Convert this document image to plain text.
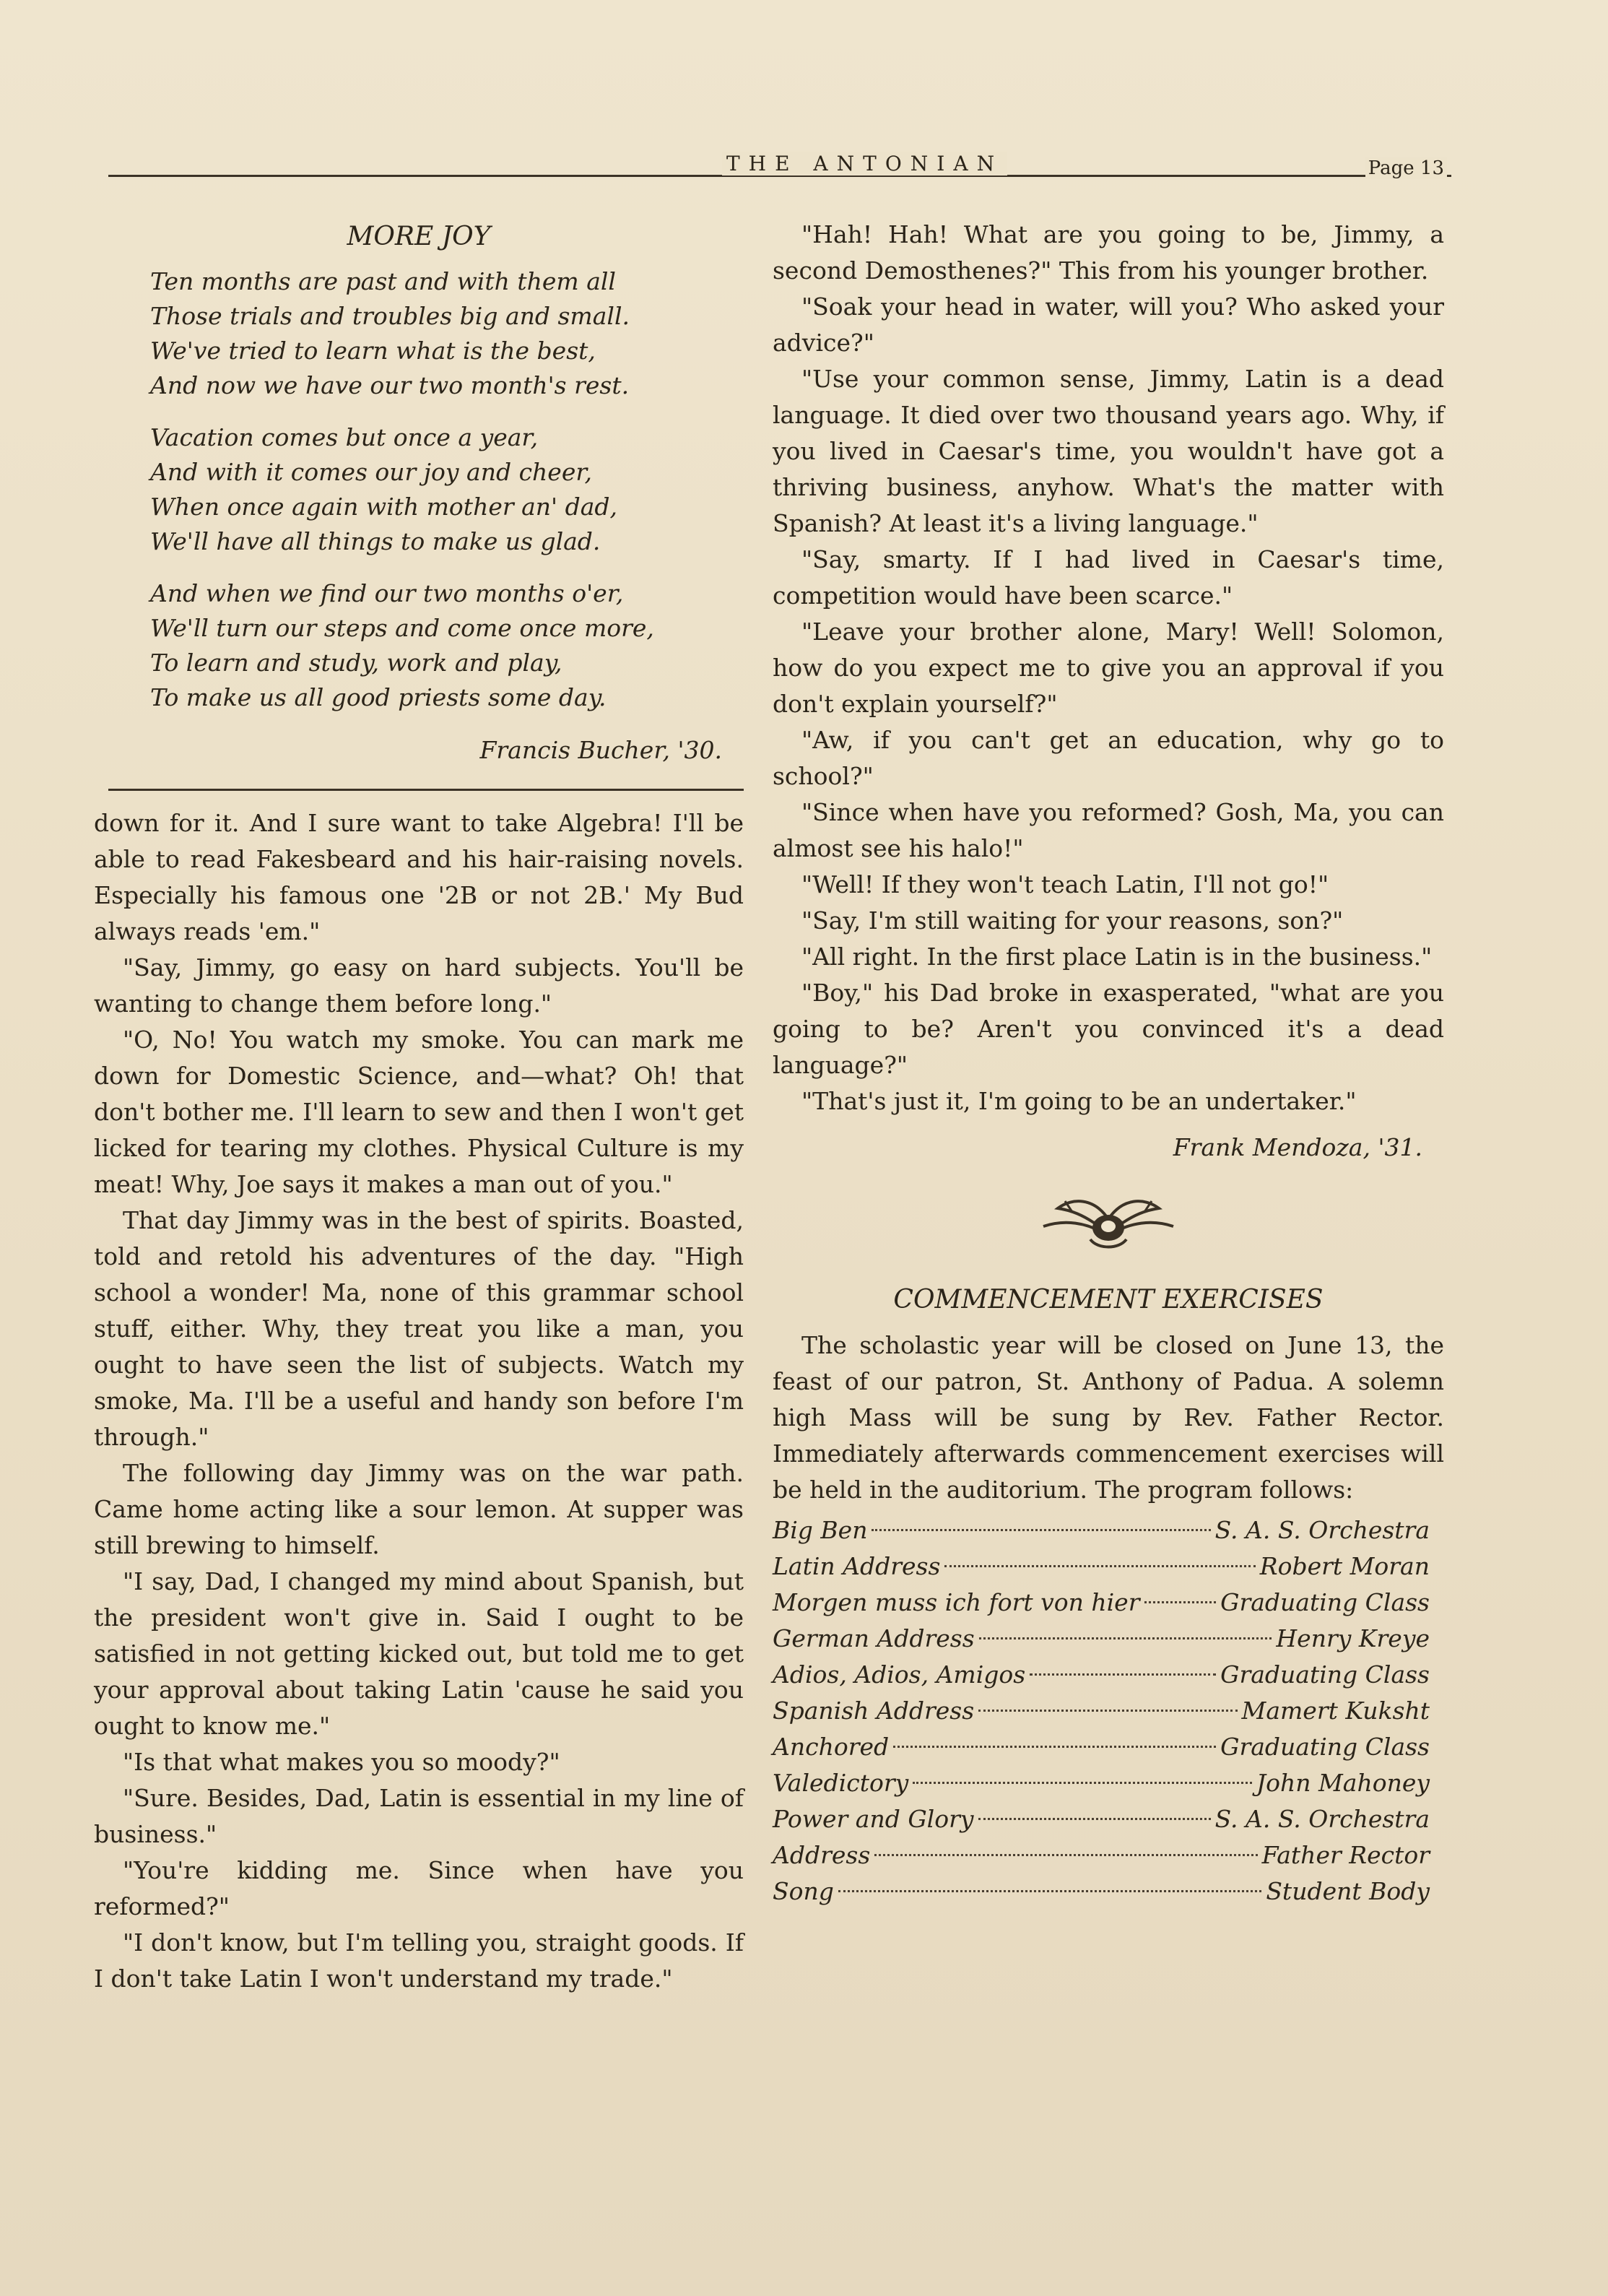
THE ANTONIAN	Page 13
MORE JOY
Ten months are past and with them all
Those trials and troubles big and small.
We've tried to learn what is the best,
And now we have our two month's rest.
Vacation comes but once a year,
And with it comes our joy and cheer,
When once again with mother an' dad,
We'll have all things to make us glad.
And when we find our two months o'er,
We'll turn our steps and come once more,
To learn and study, work and play,
To make us all good priests some day.
Francis Bucher, '30.

down for it. And I sure want to take Algebra! I'll be able to read Fakesbeard and his hair-raising novels. Especially his famous one '2B or not 2B.' My Bud always reads 'em."

"Say, Jimmy, go easy on hard subjects. You'll be wanting to change them before long."

"O, No! You watch my smoke. You can mark me down for Domestic Science, and—what? Oh! that don't bother me. I'll learn to sew and then I won't get licked for tearing my clothes. Physical Culture is my meat! Why, Joe says it makes a man out of you."

That day Jimmy was in the best of spirits. Boasted, told and retold his adventures of the day. "High school a wonder! Ma, none of this grammar school stuff, either. Why, they treat you like a man, you ought to have seen the list of subjects. Watch my smoke, Ma. I'll be a useful and handy son before I'm through."

The following day Jimmy was on the war path. Came home acting like a sour lemon. At supper was still brewing to himself.

"I say, Dad, I changed my mind about Spanish, but the president won't give in. Said I ought to be satisfied in not getting kicked out, but told me to get your approval about taking Latin 'cause he said you ought to know me."

"Is that what makes you so moody?"

"Sure. Besides, Dad, Latin is essential in my line of business."

"You're kidding me. Since when have you reformed?"

"I don't know, but I'm telling you, straight goods. If I don't take Latin I won't understand my trade."

"Hah! Hah! What are you going to be, Jimmy, a second Demosthenes?" This from his younger brother.

"Soak your head in water, will you? Who asked your advice?"

"Use your common sense, Jimmy, Latin is a dead language. It died over two thousand years ago. Why, if you lived in Caesar's time, you wouldn't have got a thriving business, anyhow. What's the matter with Spanish? At least it's a living language."

"Say, smarty. If I had lived in Caesar's time, competition would have been scarce."

"Leave your brother alone, Mary! Well! Solomon, how do you expect me to give you an approval if you don't explain yourself?"

"Aw, if you can't get an education, why go to school?"

"Since when have you reformed? Gosh, Ma, you can almost see his halo!"

"Well! If they won't teach Latin, I'll not go!"

"Say, I'm still waiting for your reasons, son?"

"All right. In the first place Latin is in the business."

"Boy," his Dad broke in exasperated, "what are you going to be? Aren't you convinced it's a dead language?"

"That's just it, I'm going to be an undertaker."

Frank Mendoza, '31.
COMMENCEMENT EXERCISES

The scholastic year will be closed on June 13, the feast of our patron, St. Anthony of Padua. A solemn high Mass will be sung by Rev. Father Rector. Immediately afterwards commencement exercises will be held in the auditorium. The program follows:

Big Ben	S. A. S. Orchestra
Latin Address	Robert Moran
Morgen muss ich fort von hier	Graduating Class
German Address	Henry Kreye
Adios, Adios, Amigos	Graduating Class
Spanish Address	Mamert Kuksht
Anchored	Graduating Class
Valedictory	John Mahoney
Power and Glory	S. A. S. Orchestra
Address	Father Rector
Song	Student Body
